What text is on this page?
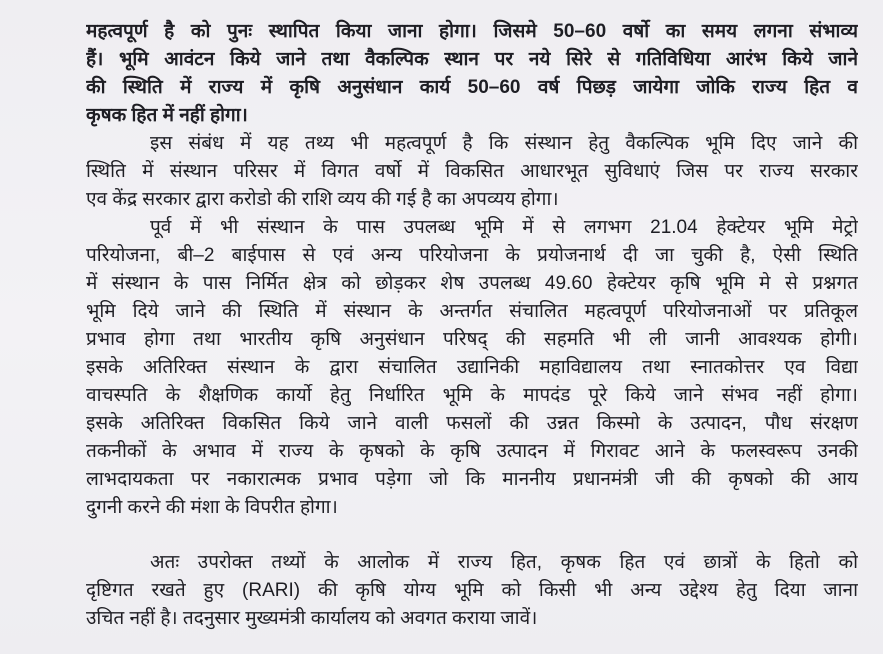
महत्वपूर्ण है को पुनः स्थापित किया जाना होगा। जिसमे 50–60 वर्षो का समय लगना संभाव्य
हैं। भूमि आवंटन किये जाने तथा वैकल्पिक स्थान पर नये सिरे से गतिविधिया आरंभ किये जाने
की स्थिति में राज्य में कृषि अनुसंधान कार्य 50–60 वर्ष पिछड़ जायेगा जोकि राज्य हित व
कृषक हित में नहीं होगा।
इस संबंध में यह तथ्य भी महत्वपूर्ण है कि संस्थान हेतु वैकल्पिक भूमि दिए जाने की
स्थिति में संस्थान परिसर में विगत वर्षो में विकसित आधारभूत सुविधाएं जिस पर राज्य सरकार
एव केंद्र सरकार द्वारा करोडो की राशि व्यय की गई है का अपव्यय होगा।
पूर्व में भी संस्थान के पास उपलब्ध भूमि में से लगभग 21.04 हेक्टेयर भूमि मेट्रो
परियोजना, बी–2 बाईपास से एवं अन्य परियोजना के प्रयोजनार्थ दी जा चुकी है, ऐसी स्थिति
में संस्थान के पास निर्मित क्षेत्र को छोड़कर शेष उपलब्ध 49.60 हेक्टेयर कृषि भूमि मे से प्रश्नगत
भूमि दिये जाने की स्थिति में संस्थान के अन्तर्गत संचालित महत्वपूर्ण परियोजनाओं पर प्रतिकूल
प्रभाव होगा तथा भारतीय कृषि अनुसंधान परिषद् की सहमति भी ली जानी आवश्यक होगी।
इसके अतिरिक्त संस्थान के द्वारा संचालित उद्यानिकी महाविद्यालय तथा स्नातकोत्तर एव विद्या
वाचस्पति के शैक्षणिक कार्यो हेतु निर्धारित भूमि के मापदंड पूरे किये जाने संभव नहीं होगा।
इसके अतिरिक्त विकसित किये जाने वाली फसलों की उन्नत किस्मो के उत्पादन, पौध संरक्षण
तकनीकों के अभाव में राज्य के कृषको के कृषि उत्पादन में गिरावट आने के फलस्वरूप उनकी
लाभदायकता पर नकारात्मक प्रभाव पड़ेगा जो कि माननीय प्रधानमंत्री जी की कृषको की आय
दुगनी करने की मंशा के विपरीत होगा।
अतः उपरोक्त तथ्यों के आलोक में राज्य हित, कृषक हित एवं छात्रों के हितो को
दृष्टिगत रखते हुए (RARI) की कृषि योग्य भूमि को किसी भी अन्य उद्देश्य हेतु दिया जाना
उचित नहीं है। तदनुसार मुख्यमंत्री कार्यालय को अवगत कराया जावें।
